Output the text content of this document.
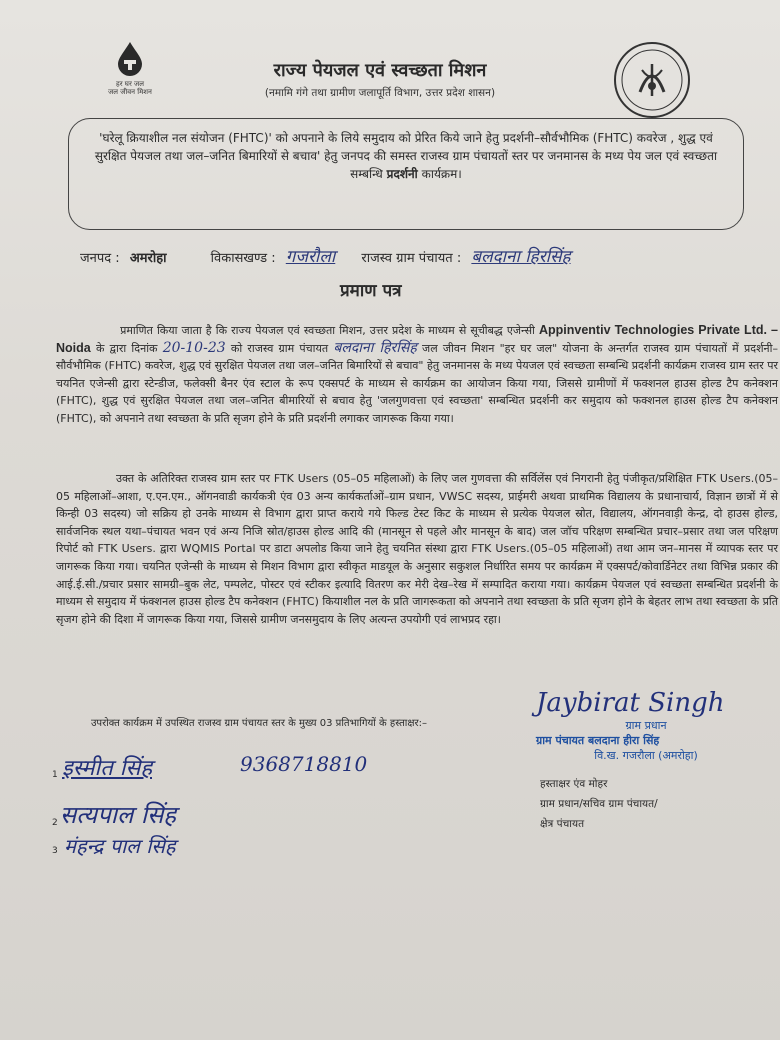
हर घर जल
जल जीवन मिशन
राज्य पेयजल एवं स्वच्छता मिशन
(नमामि गंगे तथा ग्रामीण जलापूर्ति विभाग, उत्तर प्रदेश शासन)
'घरेलू क्रियाशील नल संयोजन (FHTC)' को अपनाने के लिये समुदाय को प्रेरित किये जाने हेतु प्रदर्शनी–सौर्वभौमिक (FHTC) कवरेज , शुद्ध एवं सुरक्षित पेयजल तथा जल–जनित बिमारियों से बचाव' हेतु जनपद की समस्त राजस्व ग्राम पंचायतों स्तर पर जनमानस के मध्य पेय जल एवं स्वच्छता सम्बन्धि प्रदर्शनी कार्यक्रम।
जनपद : अमरोहा	विकासखण्ड : गजरौला राजस्व ग्राम पंचायत : बलदाना हिरसिंह
प्रमाण पत्र
प्रमाणित किया जाता है कि राज्य पेयजल एवं स्वच्छता मिशन, उत्तर प्रदेश के माध्यम से सूचीबद्ध एजेन्सी Appinventiv Technologies Private Ltd. – Noida के द्वारा दिनांक 20-10-23 को राजस्व ग्राम पंचायत बलदाना हिरसिंह जल जीवन मिशन "हर घर जल" योजना के अन्तर्गत राजस्व ग्राम पंचायतों में प्रदर्शनी–सौर्वभौमिक (FHTC) कवरेज, शुद्ध एवं सुरक्षित पेयजल तथा जल–जनित बिमारियों से बचाव" हेतु जनमानस के मध्य पेयजल एवं स्वच्छता सम्बन्धि प्रदर्शनी कार्यक्रम राजस्व ग्राम स्तर पर चयनित एजेन्सी द्वारा स्टेन्डीज, फलेक्सी बैनर एंव स्टाल के रूप एक्सपर्ट के माध्यम से कार्यक्रम का आयोजन किया गया, जिससे ग्रामीणों में फक्शनल हाउस होल्ड टैप कनेक्शन (FHTC), शुद्ध एवं सुरक्षित पेयजल तथा जल–जनित बीमारियों से बचाव हेतु 'जलगुणवत्ता एवं स्वच्छता' सम्बन्धित प्रदर्शनी कर समुदाय को फक्शनल हाउस होल्ड टैप कनेक्शन (FHTC), को अपनाने तथा स्वच्छता के प्रति सृजग होने के प्रति प्रदर्शनी लगाकर जागरूक किया गया।
उक्त के अतिरिक्त राजस्व ग्राम स्तर पर FTK Users (05–05 महिलाओं) के लिए जल गुणवत्ता की सर्विलेंस एवं निगरानी हेतु पंजीकृत/प्रशिक्षित FTK Users.(05–05 महिलाओं–आशा, ए.एन.एम., ऑगनवाडी कार्यकत्री एंव 03 अन्य कार्यकर्ताओं–ग्राम प्रधान, VWSC सदस्य, प्राईमरी अथवा प्राथमिक विद्यालय के प्रधानाचार्य, विज्ञान छात्रों में से किन्ही 03 सदस्य) जो सक्रिय हो उनके माध्यम से विभाग द्वारा प्राप्त कराये गये फिल्ड टेस्ट किट के माध्यम से प्रत्येक पेयजल स्रोत, विद्यालय, ऑगनवाड़ी केन्द्र, दो हाउस होल्ड, सार्वजनिक स्थल यथा–पंचायत भवन एवं अन्य निजि स्रोत/हाउस होल्ड आदि की (मानसून से पहले और मानसून के बाद) जल जॉच परिक्षण सम्बन्धित प्रचार–प्रसार तथा जल परिक्षण रिपोर्ट को FTK Users. द्वारा WQMIS Portal पर डाटा अपलोड किया जाने हेतु चयनित संस्था द्वारा FTK Users.(05–05 महिलाओं) तथा आम जन–मानस में व्यापक स्तर पर जागरूक किया गया। चयनित एजेन्सी के माध्यम से मिशन विभाग द्वारा स्वीकृत माडयूल के अनुसार सकुशल निर्धारित समय पर कार्यक्रम में एक्सपर्ट/कोवार्डिनेटर तथा विभिन्न प्रकार की आई.ई.सी./प्रचार प्रसार सामग्री–बुक लेट, पम्पलेट, पोस्टर एवं स्टीकर इत्यादि वितरण कर मेरी देख–रेख में सम्पादित कराया गया। कार्यक्रम पेयजल एवं स्वच्छता सम्बन्धित प्रदर्शनी के माध्यम से समुदाय में फंक्शनल हाउस होल्ड टैप कनेक्शन (FHTC) कियाशील नल के प्रति जागरूकता को अपनाने तथा स्वच्छता के प्रति सृजग होने के बेहतर लाभ तथा स्वच्छता के प्रति सृजग होने की दिशा में जागरूक किया गया, जिससे ग्रामीण जनसमुदाय के लिए अत्यन्त उपयोगी एवं लाभप्रद रहा।
उपरोक्त कार्यक्रम में उपस्थित राजस्व ग्राम पंचायत स्तर के मुख्य 03 प्रतिभागियों के हस्ताक्षर:–
1 इस्मीत सिंह	9368718810
2 सत्यपाल सिंह
3 मंहन्द्र पाल सिंह
Jaybirat Singh
ग्राम प्रधान
ग्राम पंचायत बलदाना हीरा सिंह
वि.ख. गजरौला (अमरोहा)
हस्ताक्षर एंव मोहर
ग्राम प्रधान/सचिव ग्राम पंचायत/
क्षेत्र पंचायत
